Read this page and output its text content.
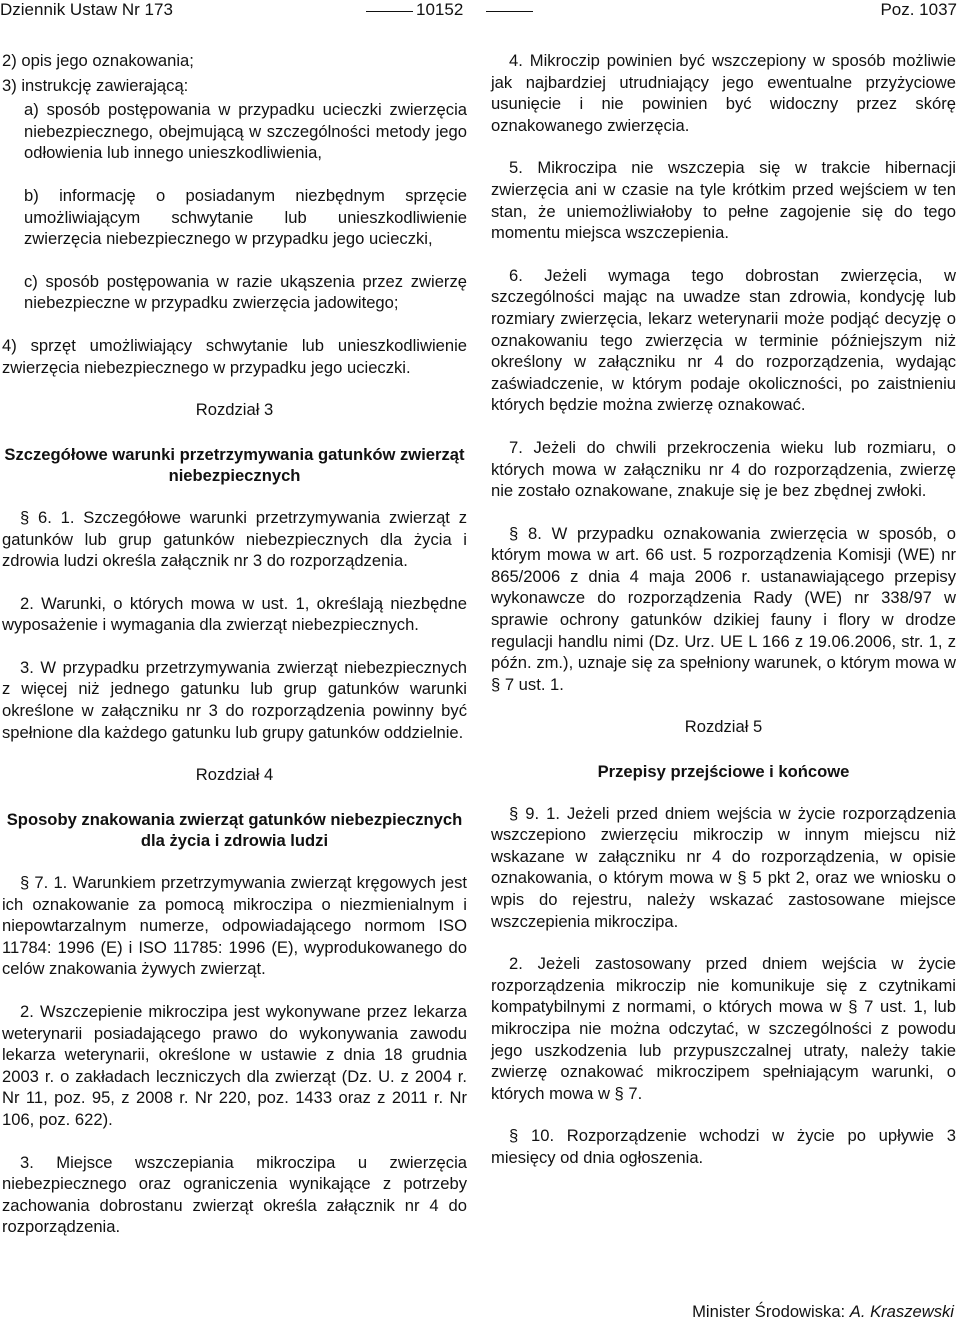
Dziennik Ustaw Nr 173	10152	Poz. 1037
2) opis jego oznakowania;
3) instrukcję zawierającą:
a) sposób postępowania w przypadku ucieczki zwierzęcia niebezpiecznego, obejmującą w szczególności metody jego odłowienia lub innego unieszkodliwienia,
b) informację o posiadanym niezbędnym sprzęcie umożliwiającym schwytanie lub unieszkodliwienie zwierzęcia niebezpiecznego w przypadku jego ucieczki,
c) sposób postępowania w razie ukąszenia przez zwierzę niebezpieczne w przypadku zwierzęcia jadowitego;
4) sprzęt umożliwiający schwytanie lub unieszkodliwienie zwierzęcia niebezpiecznego w przypadku jego ucieczki.
Rozdział 3
Szczegółowe warunki przetrzymywania gatunków zwierząt niebezpiecznych
§ 6. 1. Szczegółowe warunki przetrzymywania zwierząt z gatunków lub grup gatunków niebezpiecznych dla życia i zdrowia ludzi określa załącznik nr 3 do rozporządzenia.
2. Warunki, o których mowa w ust. 1, określają niezbędne wyposażenie i wymagania dla zwierząt niebezpiecznych.
3. W przypadku przetrzymywania zwierząt niebezpiecznych z więcej niż jednego gatunku lub grup gatunków warunki określone w załączniku nr 3 do rozporządzenia powinny być spełnione dla każdego gatunku lub grupy gatunków oddzielnie.
Rozdział 4
Sposoby znakowania zwierząt gatunków niebezpiecznych dla życia i zdrowia ludzi
§ 7. 1. Warunkiem przetrzymywania zwierząt kręgowych jest ich oznakowanie za pomocą mikroczipa o niezmienialnym i niepowtarzalnym numerze, odpowiadającego normom ISO 11784: 1996 (E) i ISO 11785: 1996 (E), wyprodukowanego do celów znakowania żywych zwierząt.
2. Wszczepienie mikroczipa jest wykonywane przez lekarza weterynarii posiadającego prawo do wykonywania zawodu lekarza weterynarii, określone w ustawie z dnia 18 grudnia 2003 r. o zakładach leczniczych dla zwierząt (Dz. U. z 2004 r. Nr 11, poz. 95, z 2008 r. Nr 220, poz. 1433 oraz z 2011 r. Nr 106, poz. 622).
3. Miejsce wszczepiania mikroczipa u zwierzęcia niebezpiecznego oraz ograniczenia wynikające z potrzeby zachowania dobrostanu zwierząt określa załącznik nr 4 do rozporządzenia.
4. Mikroczip powinien być wszczepiony w sposób możliwie jak najbardziej utrudniający jego ewentualne przyżyciowe usunięcie i nie powinien być widoczny przez skórę oznakowanego zwierzęcia.
5. Mikroczipa nie wszczepia się w trakcie hibernacji zwierzęcia ani w czasie na tyle krótkim przed wejściem w ten stan, że uniemożliwiałoby to pełne zagojenie się do tego momentu miejsca wszczepienia.
6. Jeżeli wymaga tego dobrostan zwierzęcia, w szczególności mając na uwadze stan zdrowia, kondycję lub rozmiary zwierzęcia, lekarz weterynarii może podjąć decyzję o oznakowaniu tego zwierzęcia w terminie późniejszym niż określony w załączniku nr 4 do rozporządzenia, wydając zaświadczenie, w którym podaje okoliczności, po zaistnieniu których będzie można zwierzę oznakować.
7. Jeżeli do chwili przekroczenia wieku lub rozmiaru, o których mowa w załączniku nr 4 do rozporządzenia, zwierzę nie zostało oznakowane, znakuje się je bez zbędnej zwłoki.
§ 8. W przypadku oznakowania zwierzęcia w sposób, o którym mowa w art. 66 ust. 5 rozporządzenia Komisji (WE) nr 865/2006 z dnia 4 maja 2006 r. ustanawiającego przepisy wykonawcze do rozporządzenia Rady (WE) nr 338/97 w sprawie ochrony gatunków dzikiej fauny i flory w drodze regulacji handlu nimi (Dz. Urz. UE L 166 z 19.06.2006, str. 1, z późn. zm.), uznaje się za spełniony warunek, o którym mowa w § 7 ust. 1.
Rozdział 5
Przepisy przejściowe i końcowe
§ 9. 1. Jeżeli przed dniem wejścia w życie rozporządzenia wszczepiono zwierzęciu mikroczip w innym miejscu niż wskazane w załączniku nr 4 do rozporządzenia, w opisie oznakowania, o którym mowa w § 5 pkt 2, oraz we wniosku o wpis do rejestru, należy wskazać zastosowane miejsce wszczepienia mikroczipa.
2. Jeżeli zastosowany przed dniem wejścia w życie rozporządzenia mikroczip nie komunikuje się z czytnikami kompatybilnymi z normami, o których mowa w § 7 ust. 1, lub mikroczipa nie można odczytać, w szczególności z powodu jego uszkodzenia lub przypuszczalnej utraty, należy takie zwierzę oznakować mikroczipem spełniającym warunki, o których mowa w § 7.
§ 10. Rozporządzenie wchodzi w życie po upływie 3 miesięcy od dnia ogłoszenia.
Minister Środowiska: A. Kraszewski
